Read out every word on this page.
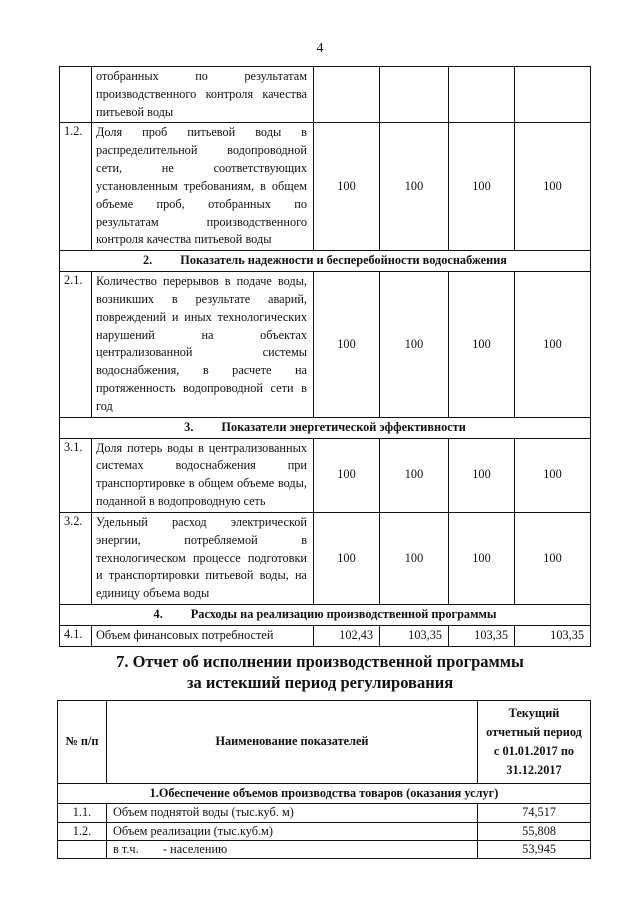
4
	отобранных по результатам производственного контроля качества питьевой воды				
1.2.	Доля проб питьевой воды в распределительной водопроводной сети, не соответствующих установленным требованиям, в общем объеме проб, отобранных по результатам производственного контроля качества питьевой воды	100	100	100	100
2. Показатель надежности и бесперебойности водоснабжения					
2.1.	Количество перерывов в подаче воды, возникших в результате аварий, повреждений и иных технологических нарушений на объектах централизованной системы водоснабжения, в расчете на протяженность водопроводной сети в год	100	100	100	100
3. Показатели энергетической эффективности					
3.1.	Доля потерь воды в централизованных системах водоснабжения при транспортировке в общем объеме воды, поданной в водопроводную сеть	100	100	100	100
3.2.	Удельный расход электрической энергии, потребляемой в технологическом процессе подготовки и транспортировки питьевой воды, на единицу объема воды	100	100	100	100
4. Расходы на реализацию производственной программы					
4.1.	Объем финансовых потребностей	102,43	103,35	103,35	103,35
7. Отчет об исполнении производственной программы
за истекший период регулирования
№ п/п	Наименование показателей	Текущий
отчетный период
с 01.01.2017 по
31.12.2017

1.Обеспечение объемов производства товаров (оказания услуг)		
1.1.	Объем поднятой воды (тыс.куб. м)	74,517
1.2.	Объем реализации (тыс.куб.м)	55,808
	в т.ч. - населению	53,945
